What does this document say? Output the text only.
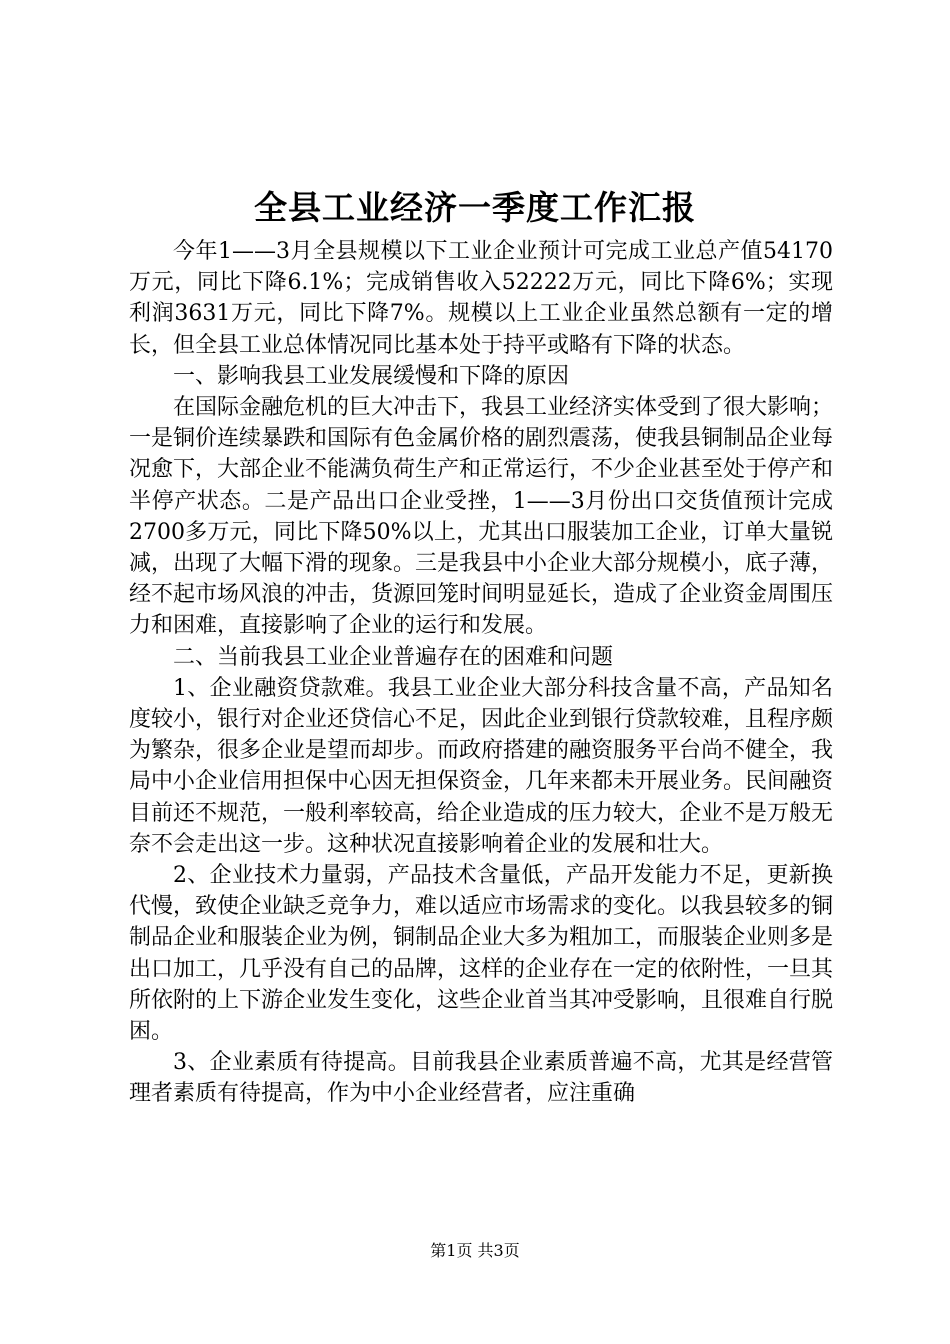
全县工业经济一季度工作汇报

今年1——3月全县规模以下工业企业预计可完成工业总产值54170万元，同比下降6.1%；完成销售收入52222万元，同比下降6%；实现利润3631万元，同比下降7%。规模以上工业企业虽然总额有一定的增长，但全县工业总体情况同比基本处于持平或略有下降的状态。

一、影响我县工业发展缓慢和下降的原因

在国际金融危机的巨大冲击下，我县工业经济实体受到了很大影响；一是铜价连续暴跌和国际有色金属价格的剧烈震荡，使我县铜制品企业每况愈下，大部企业不能满负荷生产和正常运行，不少企业甚至处于停产和半停产状态。二是产品出口企业受挫，1——3月份出口交货值预计完成2700多万元，同比下降50%以上，尤其出口服装加工企业，订单大量锐减，出现了大幅下滑的现象。三是我县中小企业大部分规模小，底子薄，经不起市场风浪的冲击，货源回笼时间明显延长，造成了企业资金周围压力和困难，直接影响了企业的运行和发展。

二、当前我县工业企业普遍存在的困难和问题

1、企业融资贷款难。我县工业企业大部分科技含量不高，产品知名度较小，银行对企业还贷信心不足，因此企业到银行贷款较难，且程序颇为繁杂，很多企业是望而却步。而政府搭建的融资服务平台尚不健全，我局中小企业信用担保中心因无担保资金，几年来都未开展业务。民间融资目前还不规范，一般利率较高，给企业造成的压力较大，企业不是万般无奈不会走出这一步。这种状况直接影响着企业的发展和壮大。

2、企业技术力量弱，产品技术含量低，产品开发能力不足，更新换代慢，致使企业缺乏竞争力，难以适应市场需求的变化。以我县较多的铜制品企业和服装企业为例，铜制品企业大多为粗加工，而服装企业则多是出口加工，几乎没有自己的品牌，这样的企业存在一定的依附性，一旦其所依附的上下游企业发生变化，这些企业首当其冲受影响，且很难自行脱困。

3、企业素质有待提高。目前我县企业素质普遍不高，尤其是经营管理者素质有待提高，作为中小企业经营者，应注重确

第1页 共3页
